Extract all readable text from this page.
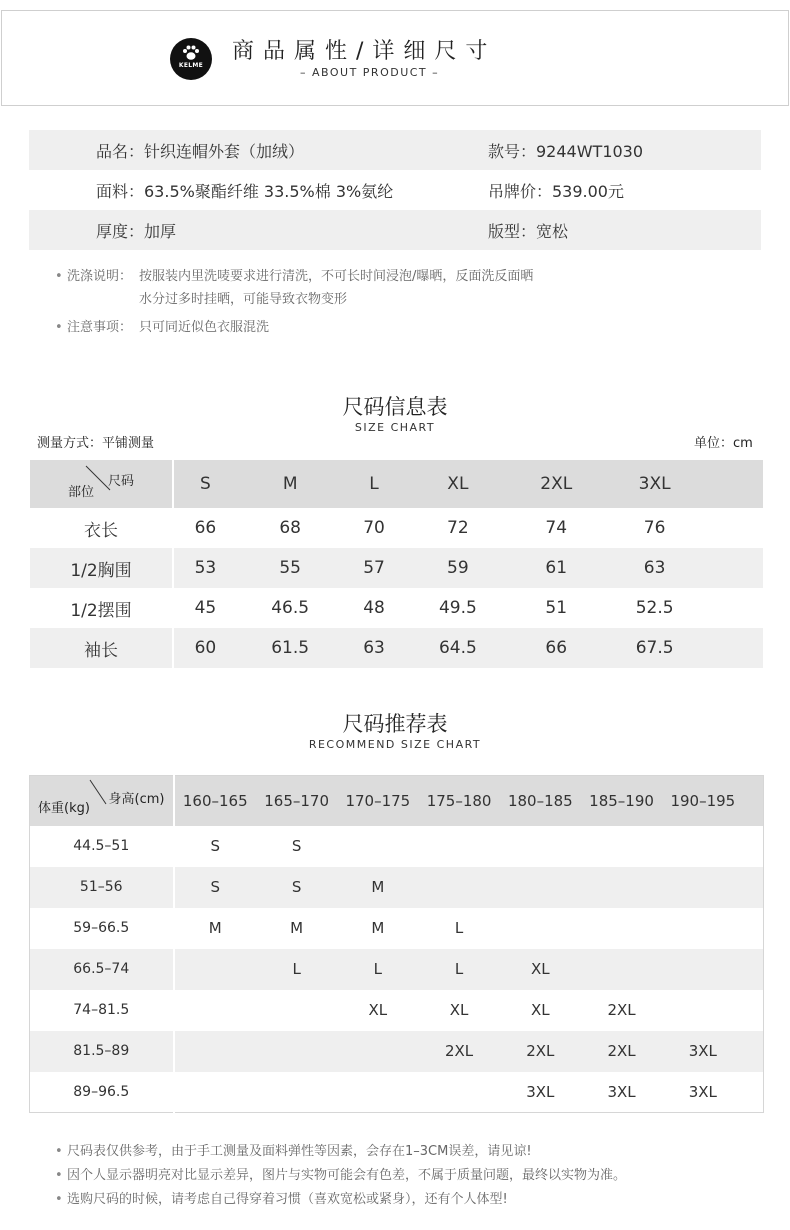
KELME
商品属性/详细尺寸
– ABOUT PRODUCT –
品名：针织连帽外套（加绒）	款号：9244WT1030
面料：63.5%聚酯纤维 33.5%棉 3%氨纶	吊牌价：539.00元
厚度：加厚	版型：宽松
• 洗涤说明： 按服装内里洗唛要求进行清洗，不可长时间浸泡/曝晒，反面洗反面晒
水分过多时挂晒，可能导致衣物变形
• 注意事项： 只可同近似色衣服混洗
尺码信息表
SIZE CHART
测量方式：平铺测量	单位：cm
尺码
部位	S	M	L	XL	2XL	3XL	
衣长	66	68	70	72	74	76	
1/2胸围	53	55	57	59	61	63	
1/2摆围	45	46.5	48	49.5	51	52.5	
袖长	60	61.5	63	64.5	66	67.5	
尺码推荐表
RECOMMEND SIZE CHART
身高(cm)
体重(kg)	160–165	165–170	170–175	175–180	180–185	185–190	190–195	
44.5–51	S	S						
51–56	S	S	M					
59–66.5	M	M	M	L				
66.5–74		L	L	L	XL			
74–81.5			XL	XL	XL	2XL		
81.5–89				2XL	2XL	2XL	3XL	
89–96.5					3XL	3XL	3XL	
• 尺码表仅供参考，由于手工测量及面料弹性等因素，会存在1–3CM误差，请见谅!
• 因个人显示器明亮对比显示差异，图片与实物可能会有色差，不属于质量问题，最终以实物为准。
• 选购尺码的时候，请考虑自己得穿着习惯（喜欢宽松或紧身），还有个人体型!
